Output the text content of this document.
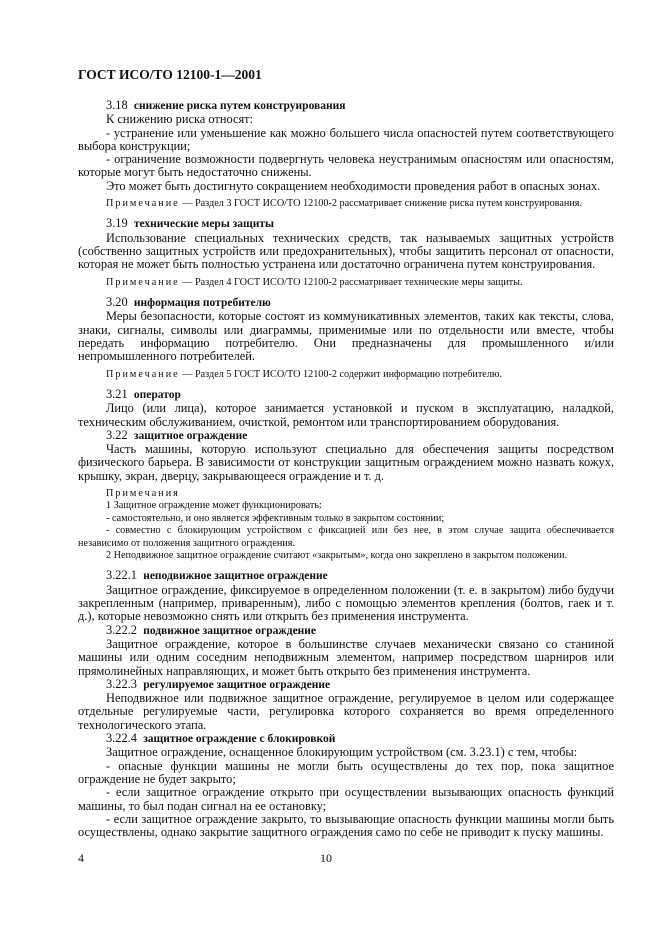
ГОСТ ИСО/ТО 12100-1—2001
3.18 снижение риска путем конструирования

К снижению риска относят:

- устранение или уменьшение как можно большего числа опасностей путем соответствующего выбора конструкции;

- ограничение возможности подвергнуть человека неустранимым опасностям или опасностям, которые могут быть недостаточно снижены.

Это может быть достигнуто сокращением необходимости проведения работ в опасных зонах.

Примечание — Раздел 3 ГОСТ ИСО/ТО 12100-2 рассматривает снижение риска путем конструирования.

3.19 технические меры защиты

Использование специальных технических средств, так называемых защитных устройств (собственно защитных устройств или предохранительных), чтобы защитить персонал от опасности, которая не может быть полностью устранена или достаточно ограничена путем конструирования.

Примечание — Раздел 4 ГОСТ ИСО/ТО 12100-2 рассматривает технические меры защиты.

3.20 информация потребителю

Меры безопасности, которые состоят из коммуникативных элементов, таких как тексты, слова, знаки, сигналы, символы или диаграммы, применимые или по отдельности или вместе, чтобы передать информацию потребителю. Они предназначены для промышленного и/или непромышленного потребителей.

Примечание — Раздел 5 ГОСТ ИСО/ТО 12100-2 содержит информацию потребителю.

3.21 оператор

Лицо (или лица), которое занимается установкой и пуском в эксплуатацию, наладкой, техническим обслуживанием, очисткой, ремонтом или транспортированием оборудования.

3.22 защитное ограждение

Часть машины, которую используют специально для обеспечения защиты посредством физического барьера. В зависимости от конструкции защитным ограждением можно назвать кожух, крышку, экран, дверцу, закрывающееся ограждение и т. д.

Примечания

1 Защитное ограждение может функционировать:

- самостоятельно, и оно является эффективным только в закрытом состоянии;

- совместно с блокирующим устройством с фиксацией или без нее, в этом случае защита обеспечивается независимо от положения защитного ограждения.

2 Неподвижное защитное ограждение считают «закрытым», когда оно закреплено в закрытом положении.

3.22.1 неподвижное защитное ограждение

Защитное ограждение, фиксируемое в определенном положении (т. е. в закрытом) либо будучи закрепленным (например, приваренным), либо с помощью элементов крепления (болтов, гаек и т. д.), которые невозможно снять или открыть без применения инструмента.

3.22.2 подвижное защитное ограждение

Защитное ограждение, которое в большинстве случаев механически связано со станиной машины или одним соседним неподвижным элементом, например посредством шарниров или прямолинейных направляющих, и может быть открыто без применения инструмента.

3.22.3 регулируемое защитное ограждение

Неподвижное или подвижное защитное ограждение, регулируемое в целом или содержащее отдельные регулируемые части, регулировка которого сохраняется во время определенного технологического этапа.

3.22.4 защитное ограждение с блокировкой

Защитное ограждение, оснащенное блокирующим устройством (см. 3.23.1) с тем, чтобы:

- опасные функции машины не могли быть осуществлены до тех пор, пока защитное ограждение не будет закрыто;

- если защитное ограждение открыто при осуществлении вызывающих опасность функций машины, то был подан сигнал на ее остановку;

- если защитное ограждение закрыто, то вызывающие опасность функции машины могли быть осуществлены, однако закрытие защитного ограждения само по себе не приводит к пуску машины.

4	10
